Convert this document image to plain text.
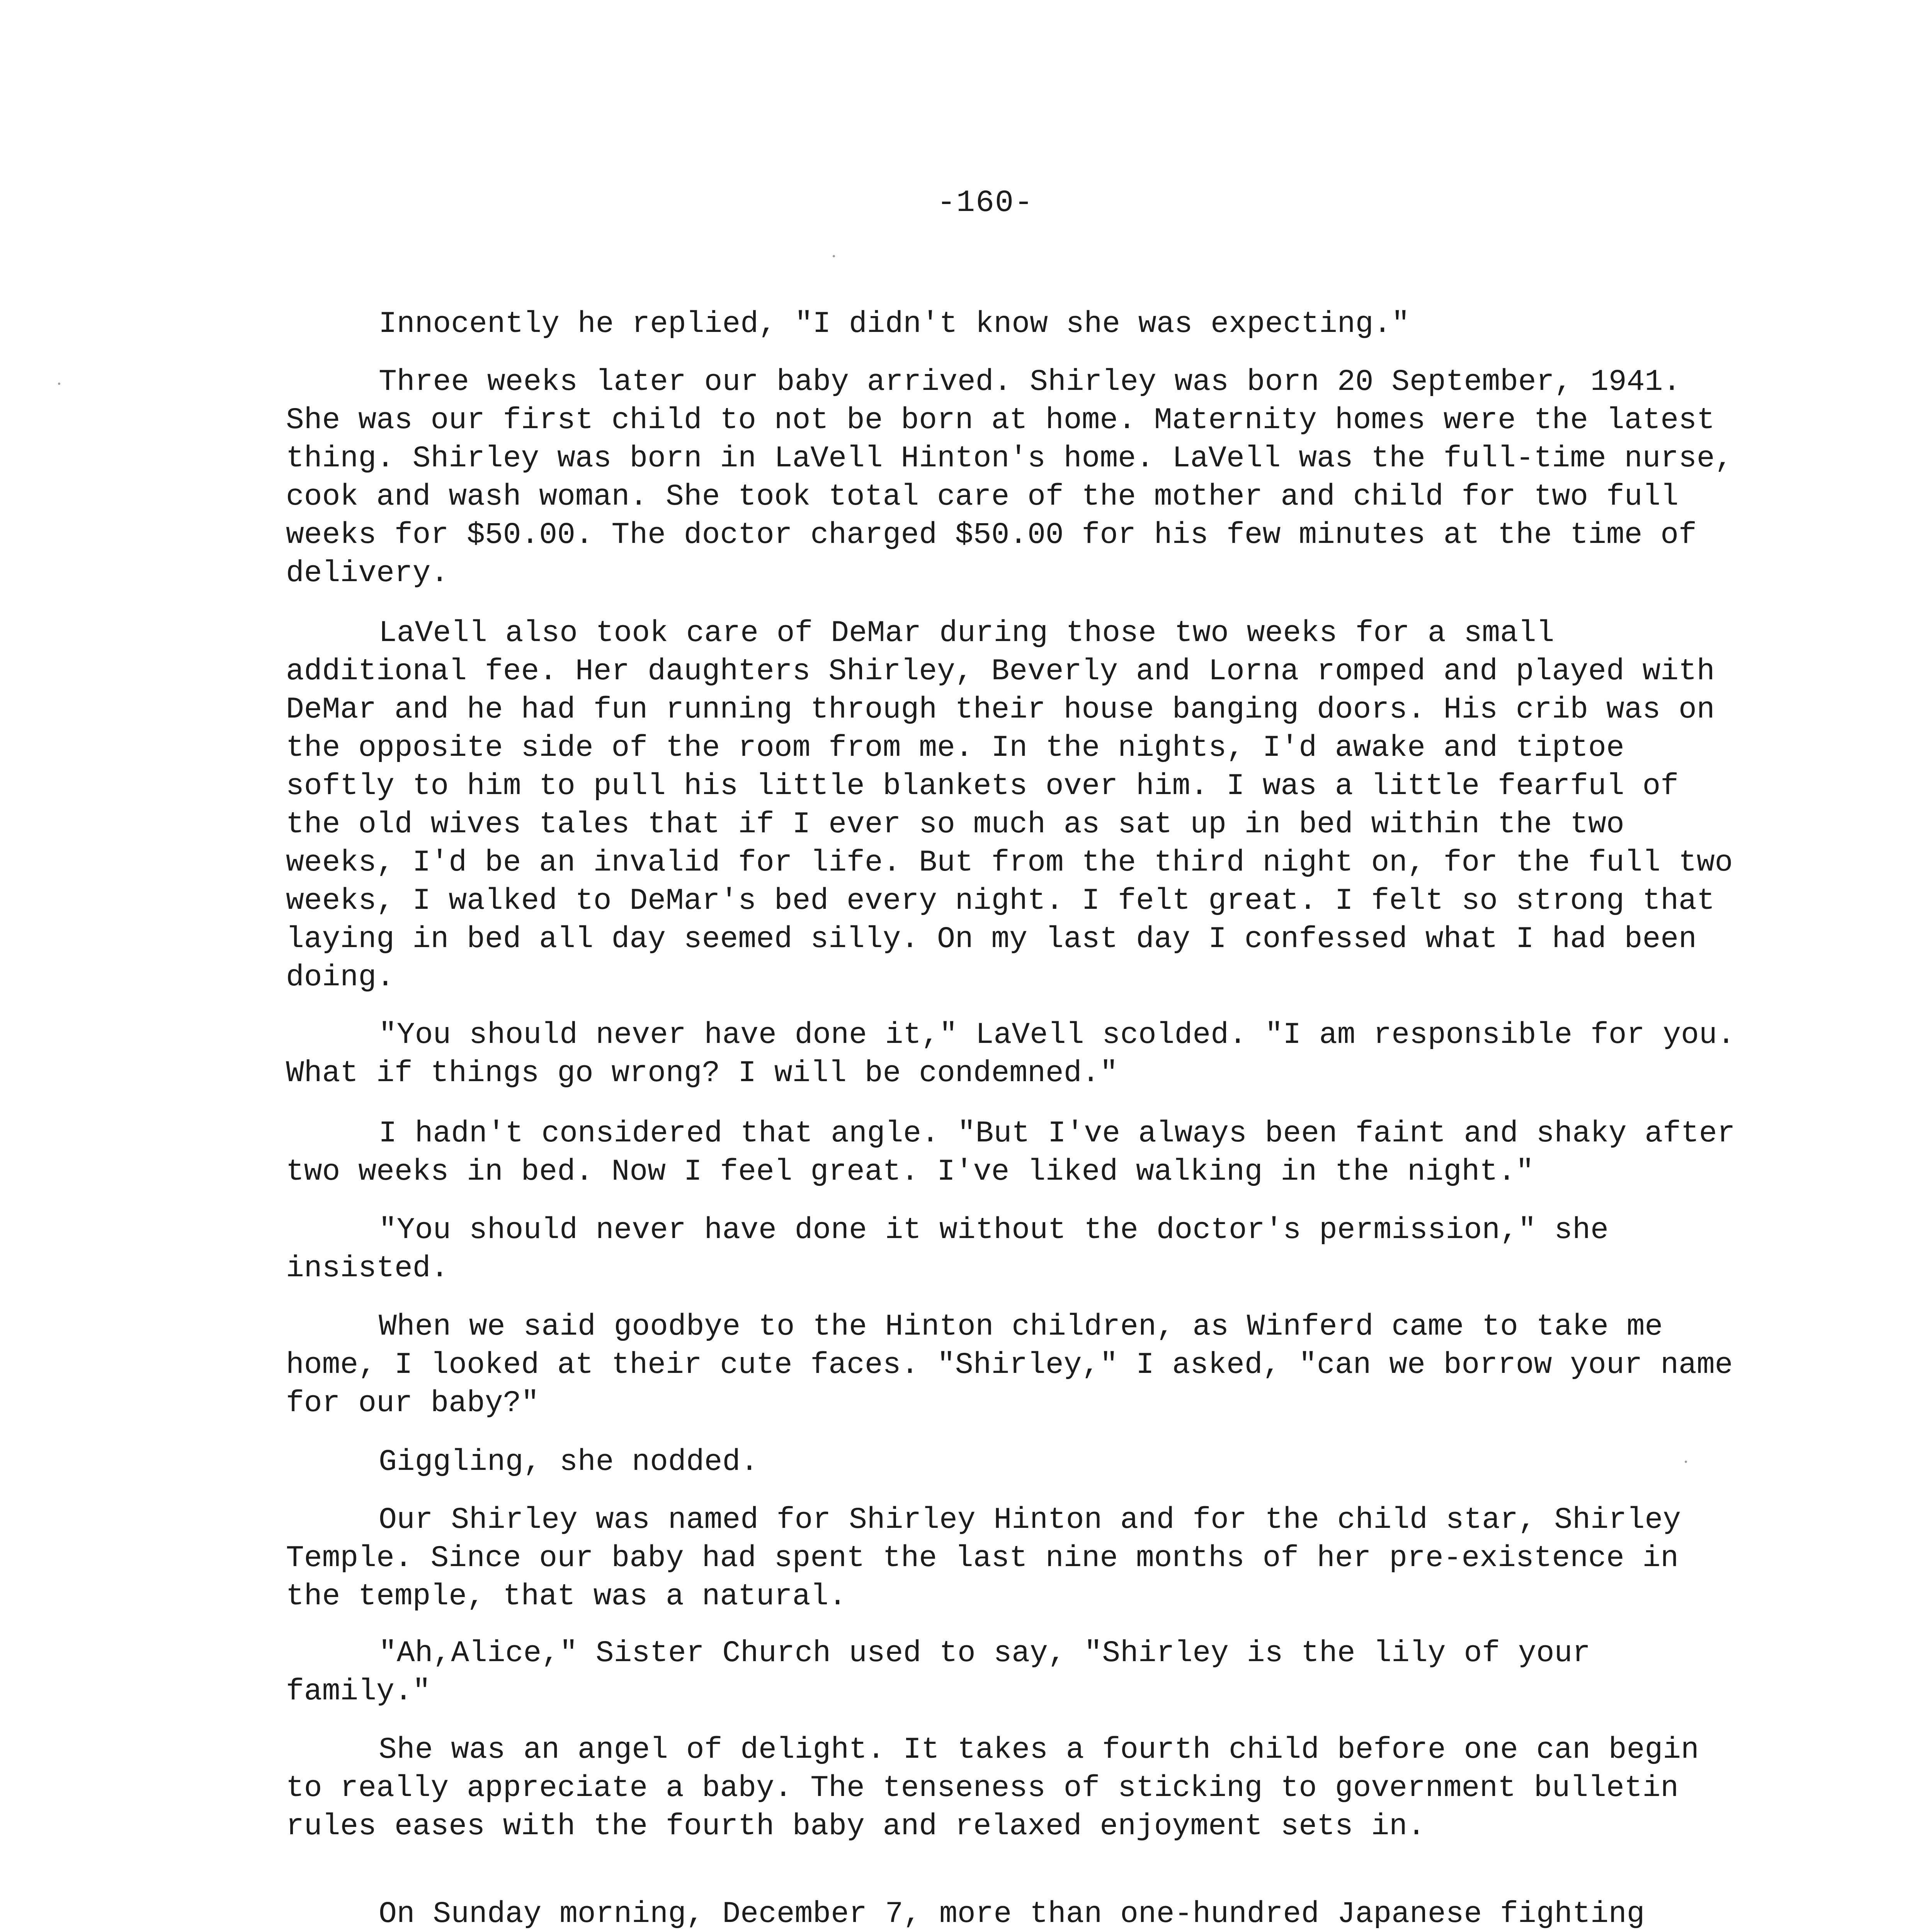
-160-

Innocently he replied, "I didn't know she was expecting."

Three weeks later our baby arrived. Shirley was born 20 September, 1941. She was our first child to not be born at home. Maternity homes were the latest thing. Shirley was born in LaVell Hinton's home. LaVell was the full-time nurse, cook and wash woman. She took total care of the mother and child for two full weeks for $50.00. The doctor charged $50.00 for his few minutes at the time of delivery.

LaVell also took care of DeMar during those two weeks for a small additional fee. Her daughters Shirley, Beverly and Lorna romped and played with DeMar and he had fun running through their house banging doors. His crib was on the opposite side of the room from me. In the nights, I'd awake and tiptoe softly to him to pull his little blankets over him. I was a little fearful of the old wives tales that if I ever so much as sat up in bed within the two weeks, I'd be an invalid for life. But from the third night on, for the full two weeks, I walked to DeMar's bed every night. I felt great. I felt so strong that laying in bed all day seemed silly. On my last day I confessed what I had been doing.

"You should never have done it," LaVell scolded. "I am responsible for you. What if things go wrong? I will be condemned."

I hadn't considered that angle. "But I've always been faint and shaky after two weeks in bed. Now I feel great. I've liked walking in the night."

"You should never have done it without the doctor's permission," she insisted.

When we said goodbye to the Hinton children, as Winferd came to take me home, I looked at their cute faces. "Shirley," I asked, "can we borrow your name for our baby?"

Giggling, she nodded.

Our Shirley was named for Shirley Hinton and for the child star, Shirley Temple. Since our baby had spent the last nine months of her pre-existence in the temple, that was a natural.

"Ah,Alice," Sister Church used to say, "Shirley is the lily of your family."

She was an angel of delight. It takes a fourth child before one can begin to really appreciate a baby. The tenseness of sticking to government bulletin rules eases with the fourth baby and relaxed enjoyment sets in.

On Sunday morning, December 7, more than one-hundred Japanese fighting
